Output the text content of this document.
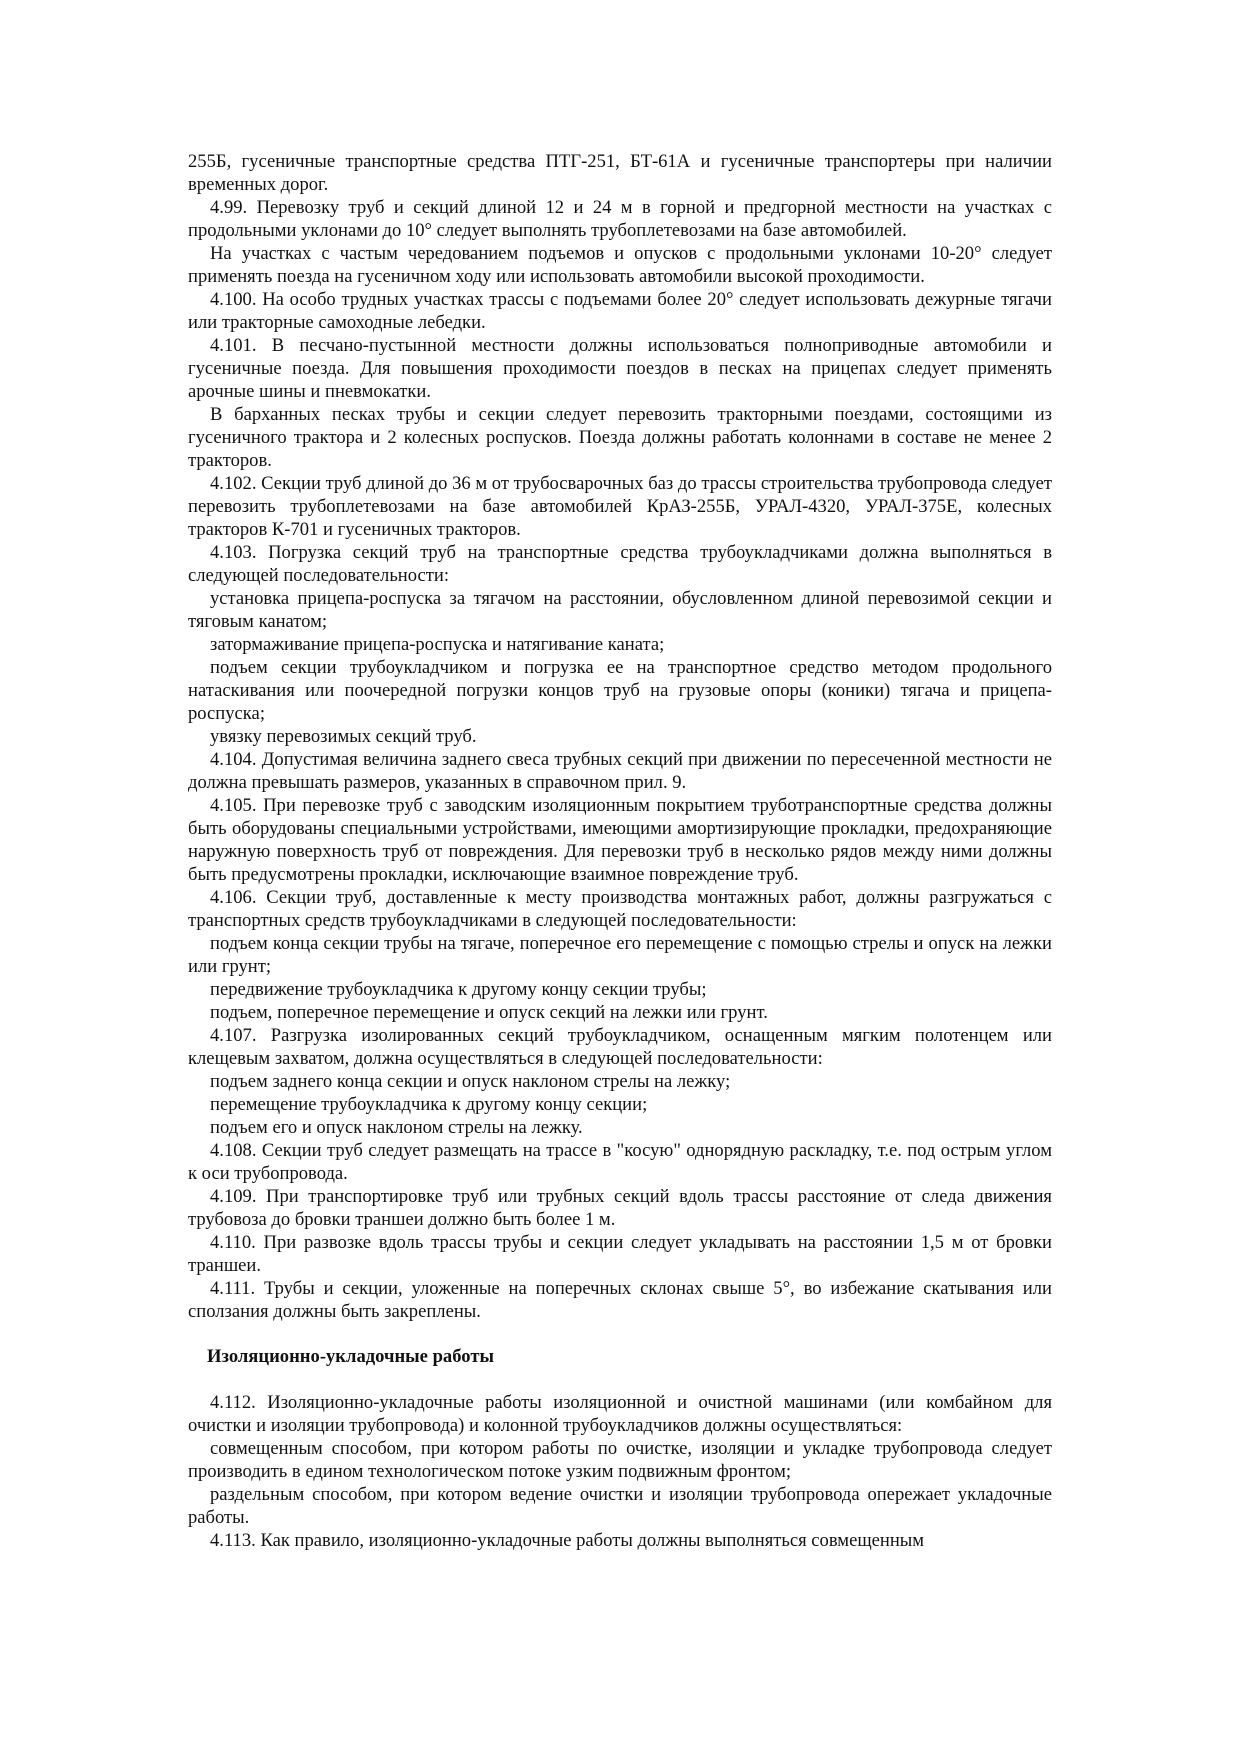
255Б, гусеничные транспортные средства ПТГ-251, БТ-61А и гусеничные транспортеры при наличии временных дорог.

4.99. Перевозку труб и секций длиной 12 и 24 м в горной и предгорной местности на участках с продольными уклонами до 10° следует выполнять трубоплетевозами на базе автомобилей.

На участках с частым чередованием подъемов и опусков с продольными уклонами 10-20° следует применять поезда на гусеничном ходу или использовать автомобили высокой проходимости.

4.100. На особо трудных участках трассы с подъемами более 20° следует использовать дежурные тягачи или тракторные самоходные лебедки.

4.101. В песчано-пустынной местности должны использоваться полноприводные автомобили и гусеничные поезда. Для повышения проходимости поездов в песках на прицепах следует применять арочные шины и пневмокатки.

В барханных песках трубы и секции следует перевозить тракторными поездами, состоящими из гусеничного трактора и 2 колесных роспусков. Поезда должны работать колоннами в составе не менее 2 тракторов.

4.102. Секции труб длиной до 36 м от трубосварочных баз до трассы строительства трубопровода следует перевозить трубоплетевозами на базе автомобилей КрАЗ-255Б, УРАЛ-4320, УРАЛ-375Е, колесных тракторов К-701 и гусеничных тракторов.

4.103. Погрузка секций труб на транспортные средства трубоукладчиками должна выполняться в следующей последовательности:

установка прицепа-роспуска за тягачом на расстоянии, обусловленном длиной перевозимой секции и тяговым канатом;

затормаживание прицепа-роспуска и натягивание каната;

подъем секции трубоукладчиком и погрузка ее на транспортное средство методом продольного натаскивания или поочередной погрузки концов труб на грузовые опоры (коники) тягача и прицепа-роспуска;

увязку перевозимых секций труб.

4.104. Допустимая величина заднего свеса трубных секций при движении по пересеченной местности не должна превышать размеров, указанных в справочном прил. 9.

4.105. При перевозке труб с заводским изоляционным покрытием труботранспортные средства должны быть оборудованы специальными устройствами, имеющими амортизирующие прокладки, предохраняющие наружную поверхность труб от повреждения. Для перевозки труб в несколько рядов между ними должны быть предусмотрены прокладки, исключающие взаимное повреждение труб.

4.106. Секции труб, доставленные к месту производства монтажных работ, должны разгружаться с транспортных средств трубоукладчиками в следующей последовательности:

подъем конца секции трубы на тягаче, поперечное его перемещение с помощью стрелы и опуск на лежки или грунт;

передвижение трубоукладчика к другому концу секции трубы;

подъем, поперечное перемещение и опуск секций на лежки или грунт.

4.107. Разгрузка изолированных секций трубоукладчиком, оснащенным мягким полотенцем или клещевым захватом, должна осуществляться в следующей последовательности:

подъем заднего конца секции и опуск наклоном стрелы на лежку;

перемещение трубоукладчика к другому концу секции;

подъем его и опуск наклоном стрелы на лежку.

4.108. Секции труб следует размещать на трассе в "косую" однорядную раскладку, т.е. под острым углом к оси трубопровода.

4.109. При транспортировке труб или трубных секций вдоль трассы расстояние от следа движения трубовоза до бровки траншеи должно быть более 1 м.

4.110. При развозке вдоль трассы трубы и секции следует укладывать на расстоянии 1,5 м от бровки траншеи.

4.111. Трубы и секции, уложенные на поперечных склонах свыше 5°, во избежание скатывания или сползания должны быть закреплены.

Изоляционно-укладочные работы

4.112. Изоляционно-укладочные работы изоляционной и очистной машинами (или комбайном для очистки и изоляции трубопровода) и колонной трубоукладчиков должны осуществляться:

совмещенным способом, при котором работы по очистке, изоляции и укладке трубопровода следует производить в едином технологическом потоке узким подвижным фронтом;

раздельным способом, при котором ведение очистки и изоляции трубопровода опережает укладочные работы.

4.113. Как правило, изоляционно-укладочные работы должны выполняться совмещенным
